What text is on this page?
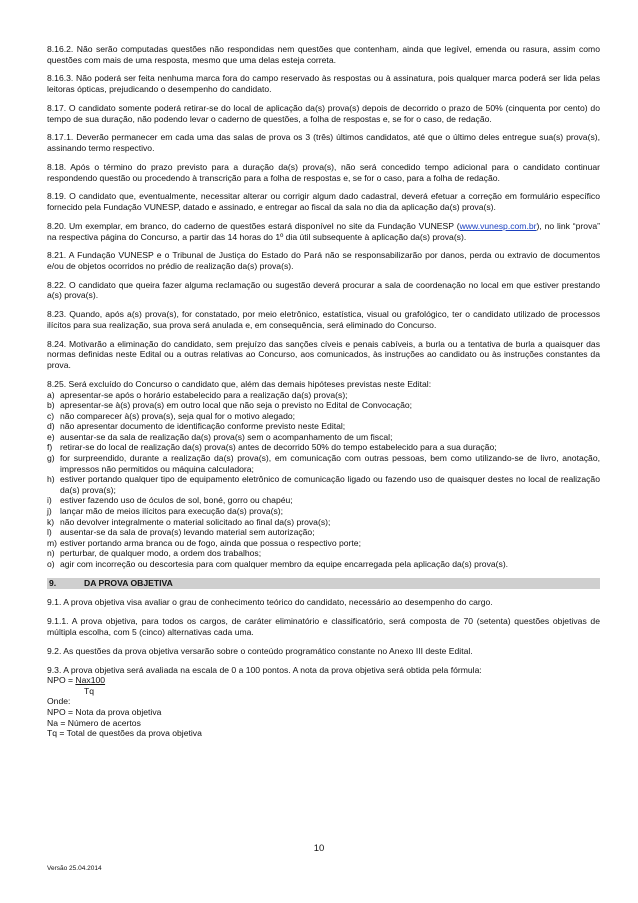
8.16.2. Não serão computadas questões não respondidas nem questões que contenham, ainda que legível, emenda ou rasura, assim como questões com mais de uma resposta, mesmo que uma delas esteja correta.

8.16.3. Não poderá ser feita nenhuma marca fora do campo reservado às respostas ou à assinatura, pois qualquer marca poderá ser lida pelas leitoras ópticas, prejudicando o desempenho do candidato.

8.17. O candidato somente poderá retirar-se do local de aplicação da(s) prova(s) depois de decorrido o prazo de 50% (cinquenta por cento) do tempo de sua duração, não podendo levar o caderno de questões, a folha de respostas e, se for o caso, de redação.

8.17.1. Deverão permanecer em cada uma das salas de prova os 3 (três) últimos candidatos, até que o último deles entregue sua(s) prova(s), assinando termo respectivo.

8.18. Após o término do prazo previsto para a duração da(s) prova(s), não será concedido tempo adicional para o candidato continuar respondendo questão ou procedendo à transcrição para a folha de respostas e, se for o caso, para a folha de redação.

8.19. O candidato que, eventualmente, necessitar alterar ou corrigir algum dado cadastral, deverá efetuar a correção em formulário específico fornecido pela Fundação VUNESP, datado e assinado, e entregar ao fiscal da sala no dia da aplicação da(s) prova(s).

8.20. Um exemplar, em branco, do caderno de questões estará disponível no site da Fundação VUNESP (www.vunesp.com.br), no link “prova” na respectiva página do Concurso, a partir das 14 horas do 1º dia útil subsequente à aplicação da(s) prova(s).

8.21. A Fundação VUNESP e o Tribunal de Justiça do Estado do Pará não se responsabilizarão por danos, perda ou extravio de documentos e/ou de objetos ocorridos no prédio de realização da(s) prova(s).

8.22. O candidato que queira fazer alguma reclamação ou sugestão deverá procurar a sala de coordenação no local em que estiver prestando a(s) prova(s).

8.23. Quando, após a(s) prova(s), for constatado, por meio eletrônico, estatística, visual ou grafológico, ter o candidato utilizado de processos ilícitos para sua realização, sua prova será anulada e, em consequência, será eliminado do Concurso.

8.24. Motivarão a eliminação do candidato, sem prejuízo das sanções cíveis e penais cabíveis, a burla ou a tentativa de burla a quaisquer das normas definidas neste Edital ou a outras relativas ao Concurso, aos comunicados, às instruções ao candidato ou às instruções constantes da prova.

8.25. Será excluído do Concurso o candidato que, além das demais hipóteses previstas neste Edital:

a) apresentar-se após o horário estabelecido para a realização da(s) prova(s);
b) apresentar-se à(s) prova(s) em outro local que não seja o previsto no Edital de Convocação;
c) não comparecer à(s) prova(s), seja qual for o motivo alegado;
d) não apresentar documento de identificação conforme previsto neste Edital;
e) ausentar-se da sala de realização da(s) prova(s) sem o acompanhamento de um fiscal;
f) retirar-se do local de realização da(s) prova(s) antes de decorrido 50% do tempo estabelecido para a sua duração;
g) for surpreendido, durante a realização da(s) prova(s), em comunicação com outras pessoas, bem como utilizando-se de livro, anotação, impressos não permitidos ou máquina calculadora;
h) estiver portando qualquer tipo de equipamento eletrônico de comunicação ligado ou fazendo uso de quaisquer destes no local de realização da(s) prova(s);
i) estiver fazendo uso de óculos de sol, boné, gorro ou chapéu;
j) lançar mão de meios ilícitos para execução da(s) prova(s);
k) não devolver integralmente o material solicitado ao final da(s) prova(s);
l) ausentar-se da sala de prova(s) levando material sem autorização;
m) estiver portando arma branca ou de fogo, ainda que possua o respectivo porte;
n) perturbar, de qualquer modo, a ordem dos trabalhos;
o) agir com incorreção ou descortesia para com qualquer membro da equipe encarregada pela aplicação da(s) prova(s).
9.	DA PROVA OBJETIVA

9.1. A prova objetiva visa avaliar o grau de conhecimento teórico do candidato, necessário ao desempenho do cargo.

9.1.1. A prova objetiva, para todos os cargos, de caráter eliminatório e classificatório, será composta de 70 (setenta) questões objetivas de múltipla escolha, com 5 (cinco) alternativas cada uma.

9.2. As questões da prova objetiva versarão sobre o conteúdo programático constante no Anexo III deste Edital.

9.3. A prova objetiva será avaliada na escala de 0 a 100 pontos. A nota da prova objetiva será obtida pela fórmula:

NPO = Nax100

Tq

Onde:

NPO = Nota da prova objetiva

Na = Número de acertos

Tq = Total de questões da prova objetiva

10
Versão 25.04.2014
